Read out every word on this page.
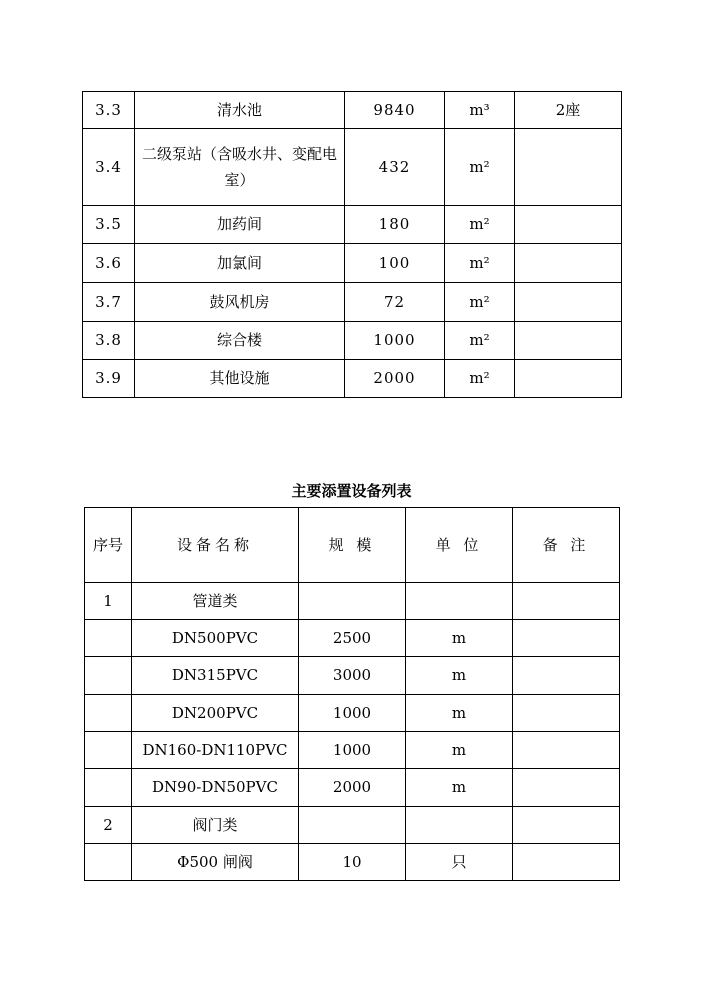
3.3	清水池	9840	m³	2座
3.4	二级泵站（含吸水井、变配电室）	432	m²	
3.5	加药间	180	m²	
3.6	加氯间	100	m²	
3.7	鼓风机房	72	m²	
3.8	综合楼	1000	m²	
3.9	其他设施	2000	m²	
主要添置设备列表
序号	设备名称	规 模	单 位	备 注
1	管道类			
	DN500PVC	2500	m	
	DN315PVC	3000	m	
	DN200PVC	1000	m	
	DN160-DN110PVC	1000	m	
	DN90-DN50PVC	2000	m	
2	阀门类			
	Φ500 闸阀	10	只	
